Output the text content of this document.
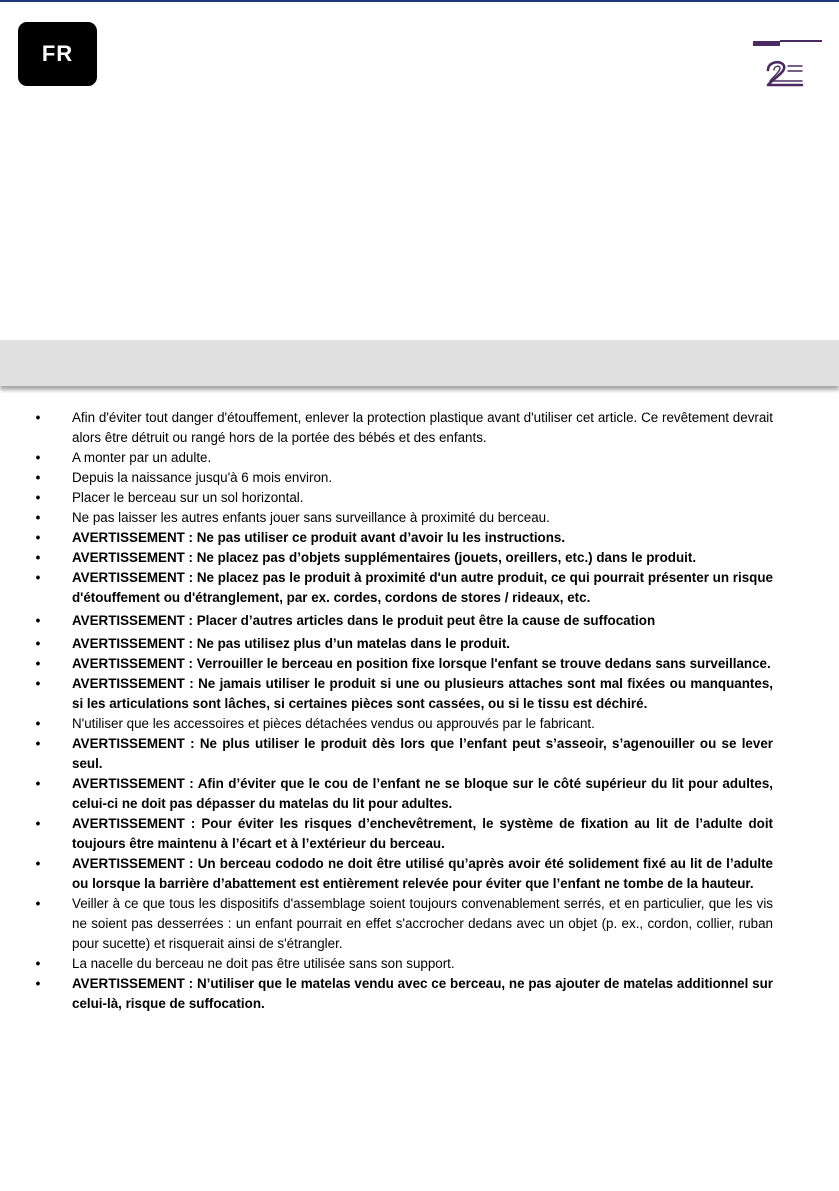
FR
• Afin d'éviter tout danger d'étouffement, enlever la protection plastique avant d'utiliser cet article. Ce revêtement devrait alors être détruit ou rangé hors de la portée des bébés et des enfants.
• A monter par un adulte.
• Depuis la naissance jusqu'à 6 mois environ.
• Placer le berceau sur un sol horizontal.
• Ne pas laisser les autres enfants jouer sans surveillance à proximité du berceau.
• AVERTISSEMENT : Ne pas utiliser ce produit avant d’avoir lu les instructions.
• AVERTISSEMENT : Ne placez pas d’objets supplémentaires (jouets, oreillers, etc.) dans le produit.
• AVERTISSEMENT : Ne placez pas le produit à proximité d'un autre produit, ce qui pourrait présenter un risque d'étouffement ou d'étranglement, par ex. cordes, cordons de stores / rideaux, etc.
• AVERTISSEMENT : Placer d’autres articles dans le produit peut être la cause de suffocation
• AVERTISSEMENT : Ne pas utilisez plus d’un matelas dans le produit.
• AVERTISSEMENT : Verrouiller le berceau en position fixe lorsque l'enfant se trouve dedans sans surveillance.
• AVERTISSEMENT : Ne jamais utiliser le produit si une ou plusieurs attaches sont mal fixées ou manquantes, si les articulations sont lâches, si certaines pièces sont cassées, ou si le tissu est déchiré.
• N'utiliser que les accessoires et pièces détachées vendus ou approuvés par le fabricant.
• AVERTISSEMENT : Ne plus utiliser le produit dès lors que l’enfant peut s’asseoir, s’agenouiller ou se lever seul.
• AVERTISSEMENT : Afin d’éviter que le cou de l’enfant ne se bloque sur le côté supérieur du lit pour adultes, celui-ci ne doit pas dépasser du matelas du lit pour adultes.
• AVERTISSEMENT : Pour éviter les risques d’enchevêtrement, le système de fixation au lit de l’adulte doit toujours être maintenu à l’écart et à l’extérieur du berceau.
• AVERTISSEMENT : Un berceau cododo ne doit être utilisé qu’après avoir été solidement fixé au lit de l’adulte ou lorsque la barrière d’abattement est entièrement relevée pour éviter que l’enfant ne tombe de la hauteur.
• Veiller à ce que tous les dispositifs d'assemblage soient toujours convenablement serrés, et en particulier, que les vis ne soient pas desserrées : un enfant pourrait en effet s'accrocher dedans avec un objet (p. ex., cordon, collier, ruban pour sucette) et risquerait ainsi de s'étrangler.
• La nacelle du berceau ne doit pas être utilisée sans son support.
• AVERTISSEMENT : N’utiliser que le matelas vendu avec ce berceau, ne pas ajouter de matelas additionnel sur celui-là, risque de suffocation.
